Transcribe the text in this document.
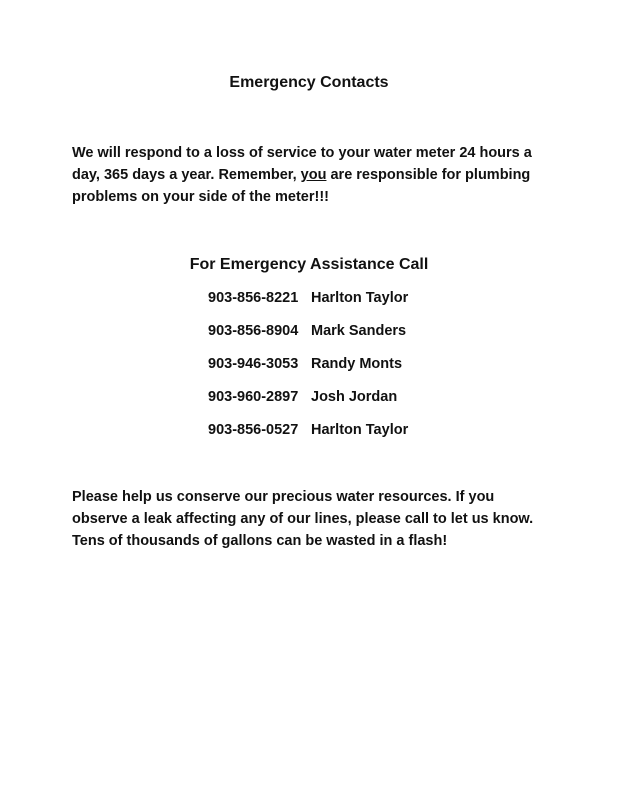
Emergency Contacts
We will respond to a loss of service to your water meter 24 hours a day, 365 days a year. Remember, you are responsible for plumbing problems on your side of the meter!!!
For Emergency Assistance Call
903-856-8221 Harlton Taylor
903-856-8904 Mark Sanders
903-946-3053 Randy Monts
903-960-2897 Josh Jordan
903-856-0527 Harlton Taylor
Please help us conserve our precious water resources. If you observe a leak affecting any of our lines, please call to let us know. Tens of thousands of gallons can be wasted in a flash!
